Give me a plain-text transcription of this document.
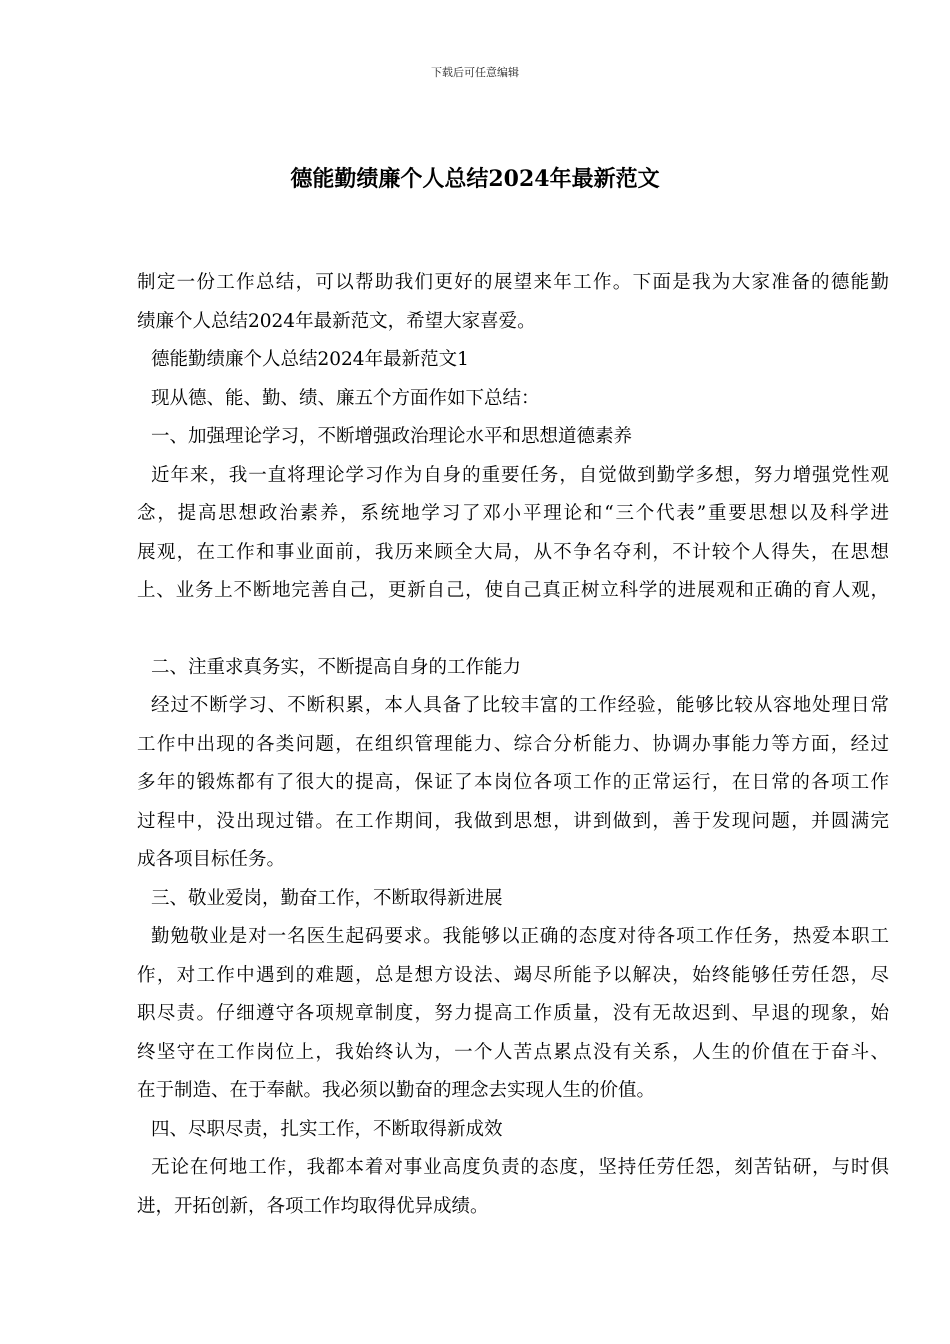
下载后可任意编辑
德能勤绩廉个人总结2024年最新范文
制定一份工作总结，可以帮助我们更好的展望来年工作。下面是我为大家准备的德能勤
绩廉个人总结2024年最新范文，希望大家喜爱。
德能勤绩廉个人总结2024年最新范文1
现从德、能、勤、绩、廉五个方面作如下总结：
一、加强理论学习，不断增强政治理论水平和思想道德素养
近年来，我一直将理论学习作为自身的重要任务，自觉做到勤学多想，努力增强党性观
念，提高思想政治素养，系统地学习了邓小平理论和“三个代表”重要思想以及科学进
展观，在工作和事业面前，我历来顾全大局，从不争名夺利，不计较个人得失，在思想
上、业务上不断地完善自己，更新自己，使自己真正树立科学的进展观和正确的育人观，
二、注重求真务实，不断提高自身的工作能力
经过不断学习、不断积累，本人具备了比较丰富的工作经验，能够比较从容地处理日常
工作中出现的各类问题，在组织管理能力、综合分析能力、协调办事能力等方面，经过
多年的锻炼都有了很大的提高，保证了本岗位各项工作的正常运行，在日常的各项工作
过程中，没出现过错。在工作期间，我做到思想，讲到做到，善于发现问题，并圆满完
成各项目标任务。
三、敬业爱岗，勤奋工作，不断取得新进展
勤勉敬业是对一名医生起码要求。我能够以正确的态度对待各项工作任务，热爱本职工
作，对工作中遇到的难题，总是想方设法、竭尽所能予以解决，始终能够任劳任怨，尽
职尽责。仔细遵守各项规章制度，努力提高工作质量，没有无故迟到、早退的现象，始
终坚守在工作岗位上，我始终认为，一个人苦点累点没有关系，人生的价值在于奋斗、
在于制造、在于奉献。我必须以勤奋的理念去实现人生的价值。
四、尽职尽责，扎实工作，不断取得新成效
无论在何地工作，我都本着对事业高度负责的态度，坚持任劳任怨，刻苦钻研，与时俱
进，开拓创新，各项工作均取得优异成绩。
